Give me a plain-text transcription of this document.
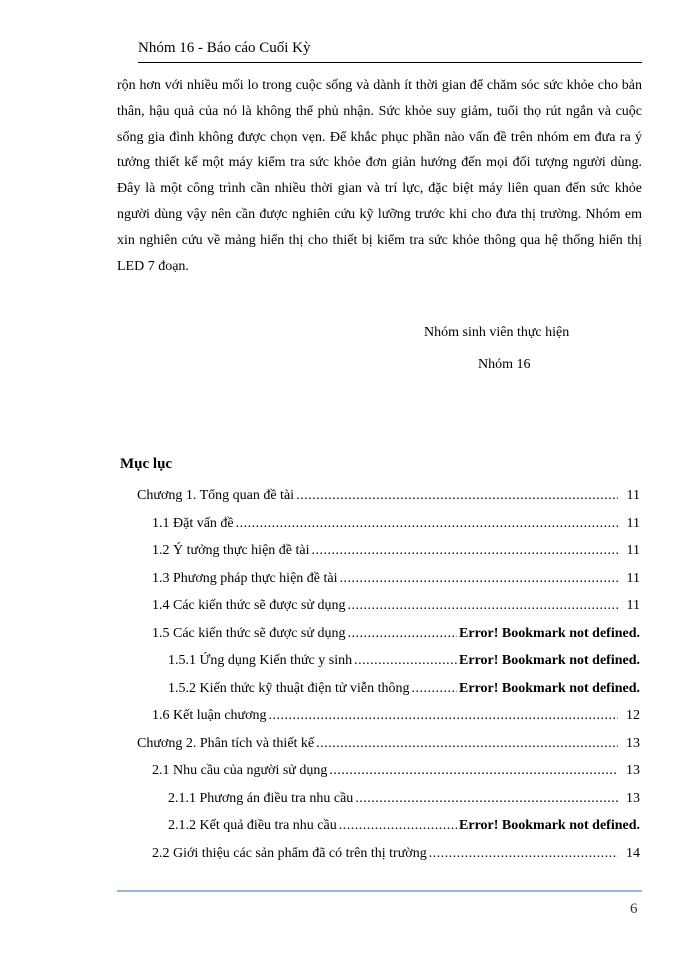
Nhóm 16 - Báo cáo Cuối Kỳ

rộn hơn với nhiều mối lo trong cuộc sống và dành ít thời gian để chăm sóc sức khỏe cho bản thân, hậu quả của nó là không thể phủ nhận. Sức khỏe suy giảm, tuổi thọ rút ngắn và cuộc sống gia đình không được chọn vẹn. Để khắc phục phần nào vấn đề trên nhóm em đưa ra ý tưởng thiết kế một máy kiểm tra sức khỏe đơn giản hướng đến mọi đối tượng người dùng. Đây là một công trình cần nhiều thời gian và trí lực, đặc biệt máy liên quan đến sức khỏe người dùng vậy nên cần được nghiên cứu kỹ lưỡng trước khi cho đưa thị trường. Nhóm em xin nghiên cứu về mảng hiển thị cho thiết bị kiểm tra sức khỏe thông qua hệ thống hiển thị LED 7 đoạn.

Nhóm sinh viên thực hiện
Nhóm 16
Mục lục
Chương 1. Tổng quan đề tài .....	11
1.1 Đặt vấn đề .....	11
1.2 Ý tưởng thực hiện đề tài .....	11
1.3 Phương pháp thực hiện đề tài .....	11
1.4 Các kiến thức sẽ được sử dụng .....	11
1.5 Các kiến thức sẽ được sử dụng .....	Error! Bookmark not defined.
1.5.1 Ứng dụng Kiến thức y sinh .....	Error! Bookmark not defined.
1.5.2 Kiến thức kỹ thuật điện tử viễn thông .....	Error! Bookmark not defined.
1.6 Kết luận chương .....	12
Chương 2. Phân tích và thiết kế .....	13
2.1 Nhu cầu của người sử dụng .....	13
2.1.1 Phương án điều tra nhu cầu .....	13
2.1.2 Kết quả điều tra nhu cầu .....	Error! Bookmark not defined.
2.2 Giới thiệu các sản phẩm đã có trên thị trường .....	14
6
